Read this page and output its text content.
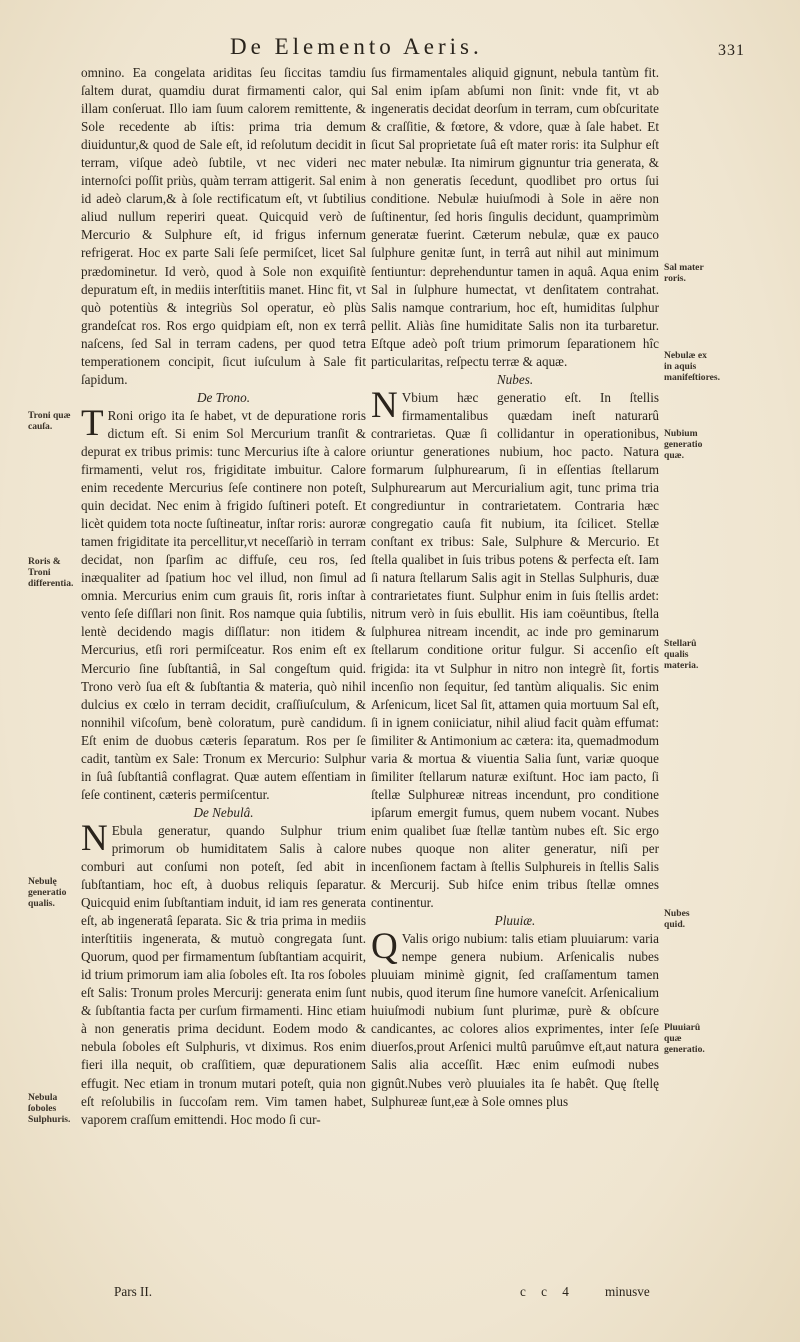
De Elemento Aeris.	331

omnino. Ea congelata ariditas ſeu ſiccitas tamdiu ſaltem durat, quamdiu durat firmamenti calor, qui illam conſeruat. Illo iam ſuum calorem remittente, & Sole recedente ab iſtis: prima tria demum diuiduntur,& quod de Sale eſt, id reſolutum decidit in terram, viſque adeò ſubtile, vt nec videri nec internoſci poſſit priùs, quàm terram attigerit. Sal enim id adeò clarum,& à ſole rectificatum eſt, vt ſubtilius aliud nullum reperiri queat. Quicquid verò de Mercurio & Sulphure eſt, id frigus infernum refrigerat. Hoc ex parte Sali ſeſe permiſcet, licet Sal prædominetur. Id verò, quod à Sole non exquiſitè depuratum eſt, in mediis interſtitiis manet. Hinc fit, vt quò potentiùs & integriùs Sol operatur, eò plùs grandeſcat ros. Ros ergo quidpiam eſt, non ex terrâ naſcens, ſed Sal in terram cadens, per quod tetra temperationem concipit, ſicut iuſculum à Sale fit ſapidum.

De Trono.

T Roni origo ita ſe habet, vt de depuratione roris dictum eſt. Si enim Sol Mercurium tranſit & depurat ex tribus primis: tunc Mercurius iſte à calore firmamenti, velut ros, frigiditate imbuitur. Calore enim recedente Mercurius ſeſe continere non poteſt, quin decidat. Nec enim à frigido ſuſtineri poteſt. Et licèt quidem tota nocte ſuſtineatur, inſtar roris: auroræ tamen frigiditate ita percellitur,vt neceſſariò in terram decidat, non ſparſim ac diffuſe, ceu ros, ſed inæqualiter ad ſpatium hoc vel illud, non ſimul ad omnia. Mercurius enim cum grauis ſit, roris inſtar à vento ſeſe diſſlari non ſinit. Ros namque quia ſubtilis, lentè decidendo magis diſſlatur: non itidem & Mercurius, etſi rori permiſceatur. Ros enim eſt ex Mercurio ſine ſubſtantiâ, in Sal congeſtum quid. Trono verò ſua eſt & ſubſtantia & materia, quò nihil dulcius ex cœlo in terram decidit, craſſiuſculum, & nonnihil viſcoſum, benè coloratum, purè candidum. Eſt enim de duobus cæteris ſeparatum. Ros per ſe cadit, tantùm ex Sale: Tronum ex Mercurio: Sulphur in ſuâ ſubſtantiâ conflagrat. Quæ autem eſſentiam in ſeſe continent, cæteris permiſcentur.

De Nebulâ.

N Ebula generatur, quando Sulphur trium primorum ob humiditatem Salis à calore comburi aut conſumi non poteſt, ſed abit in ſubſtantiam, hoc eſt, à duobus reliquis ſeparatur. Quicquid enim ſubſtantiam induit, id iam res generata eſt, ab ingeneratâ ſeparata. Sic & tria prima in mediis interſtitiis ingenerata, & mutuò congregata ſunt. Quorum, quod per firmamentum ſubſtantiam acquirit, id trium primorum iam alia ſoboles eſt. Ita ros ſoboles eſt Salis: Tronum proles Mercurij: generata enim ſunt & ſubſtantia facta per curſum firmamenti. Hinc etiam à non generatis prima decidunt. Eodem modo & nebula ſoboles eſt Sulphuris, vt diximus. Ros enim fieri illa nequit, ob craſſitiem, quæ depurationem effugit. Nec etiam in tronum mutari poteſt, quia non eſt reſolubilis in ſuccoſam rem. Vim tamen habet, vaporem craſſum emittendi. Hoc modo ſi cur-

ſus firmamentales aliquid gignunt, nebula tantùm fit. Sal enim ipſam abſumi non ſinit: vnde fit, vt ab ingeneratis decidat deorſum in terram, cum obſcuritate & craſſitie, & fœtore, & vdore, quæ à ſale habet. Et ſicut Sal proprietate ſuâ eſt mater roris: ita Sulphur eſt mater nebulæ. Ita nimirum gignuntur tria generata, & à non generatis ſecedunt, quodlibet pro ortus ſui conditione. Nebulæ huiuſmodi à Sole in aëre non ſuſtinentur, ſed horis ſingulis decidunt, quamprimùm generatæ fuerint. Cæterum nebulæ, quæ ex pauco ſulphure genitæ ſunt, in terrâ aut nihil aut minimum ſentiuntur: deprehenduntur tamen in aquâ. Aqua enim Sal in ſulphure humectat, vt denſitatem contrahat. Salis namque contrarium, hoc eſt, humiditas ſulphur pellit. Aliàs ſine humiditate Salis non ita turbaretur. Eſtque adeò poſt trium primorum ſeparationem hîc particularitas, reſpectu terræ & aquæ.

Nubes.

N Vbium hæc generatio eſt. In ſtellis firmamentalibus quædam ineſt naturarû contrarietas. Quæ ſi collidantur in operationibus, oriuntur generationes nubium, hoc pacto. Natura formarum ſulphurearum, ſi in eſſentias ſtellarum Sulphurearum aut Mercurialium agit, tunc prima tria congrediuntur in contrarietatem. Contraria hæc congregatio cauſa fit nubium, ita ſcilicet. Stellæ conſtant ex tribus: Sale, Sulphure & Mercurio. Et ſtella qualibet in ſuis tribus potens & perfecta eſt. Iam ſi natura ſtellarum Salis agit in Stellas Sulphuris, duæ contrarietates fiunt. Sulphur enim in ſuis ſtellis ardet: nitrum verò in ſuis ebullit. His iam coëuntibus, ſtella ſulphurea nitream incendit, ac inde pro geminarum ſtellarum conditione oritur fulgur. Si accenſio eſt frigida: ita vt Sulphur in nitro non integrè ſit, fortis incenſio non ſequitur, ſed tantùm aliqualis. Sic enim Arſenicum, licet Sal ſit, attamen quia mortuum Sal eſt, ſi in ignem coniiciatur, nihil aliud facit quàm effumat: ſimiliter & Antimonium ac cætera: ita, quemadmodum varia & mortua & viuentia Salia ſunt, variæ quoque ſimiliter ſtellarum naturæ exiſtunt. Hoc iam pacto, ſi ſtellæ Sulphureæ nitreas incendunt, pro conditione ipſarum emergit fumus, quem nubem vocant. Nubes enim qualibet ſuæ ſtellæ tantùm nubes eſt. Sic ergo nubes quoque non aliter generatur, niſi per incenſionem factam à ſtellis Sulphureis in ſtellis Salis & Mercurij. Sub hiſce enim tribus ſtellæ omnes continentur.

Pluuiæ.

Q Valis origo nubium: talis etiam pluuiarum: varia nempe genera nubium. Arſenicalis nubes pluuiam minimè gignit, ſed craſſamentum tamen nubis, quod iterum ſine humore vaneſcit. Arſenicalium huiuſmodi nubium ſunt plurimæ, purè & obſcure candicantes, ac colores alios exprimentes, inter ſeſe diuerſos,prout Arſenici multû paruûmve eſt,aut natura Salis alia acceſſit. Hæc enim euſmodi nubes gignût.Nubes verò pluuiales ita ſe habêt. Quę ſtellę Sulphureæ ſunt,eæ à Sole omnes plus

Troni quæ cauſa.
Roris & Troni differentia.
Nebulę generatio qualis.
Nebula ſoboles Sulphuris.
Sal mater roris.
Nebulæ ex in aquis manifeſtiores.
Nubium generatio quæ.
Stellarû qualis materia.
Nubes quid.
Pluuiarû quæ generatio.
Pars II.	c c 4 minusve
